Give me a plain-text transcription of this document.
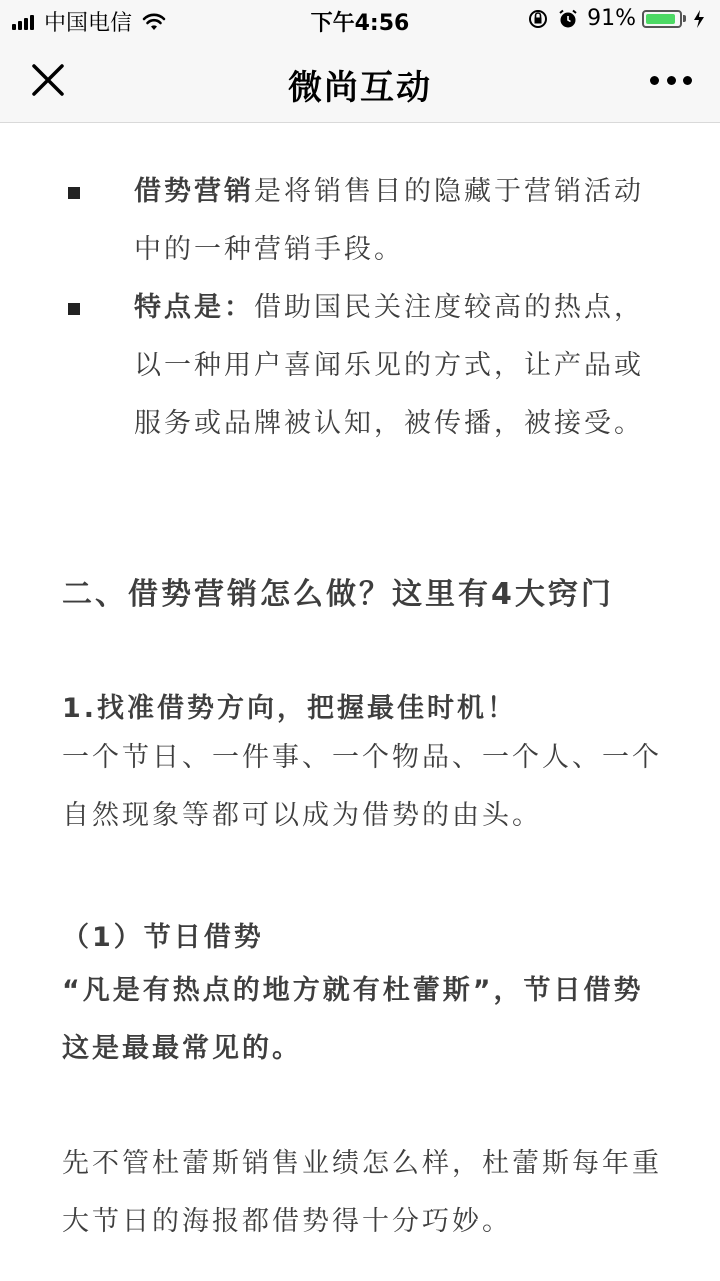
中国电信	下午4:56	91%
微尚互动
借势营销是将销售目的隐藏于营销活动中的一种营销手段。
特点是：借助国民关注度较高的热点，以一种用户喜闻乐见的方式，让产品或服务或品牌被认知，被传播，被接受。
二、借势营销怎么做？这里有4大窍门
1.找准借势方向，把握最佳时机！
一个节日、一件事、一个物品、一个人、一个自然现象等都可以成为借势的由头。
（1）节日借势
“凡是有热点的地方就有杜蕾斯”，节日借势这是最最常见的。
先不管杜蕾斯销售业绩怎么样，杜蕾斯每年重大节日的海报都借势得十分巧妙。
